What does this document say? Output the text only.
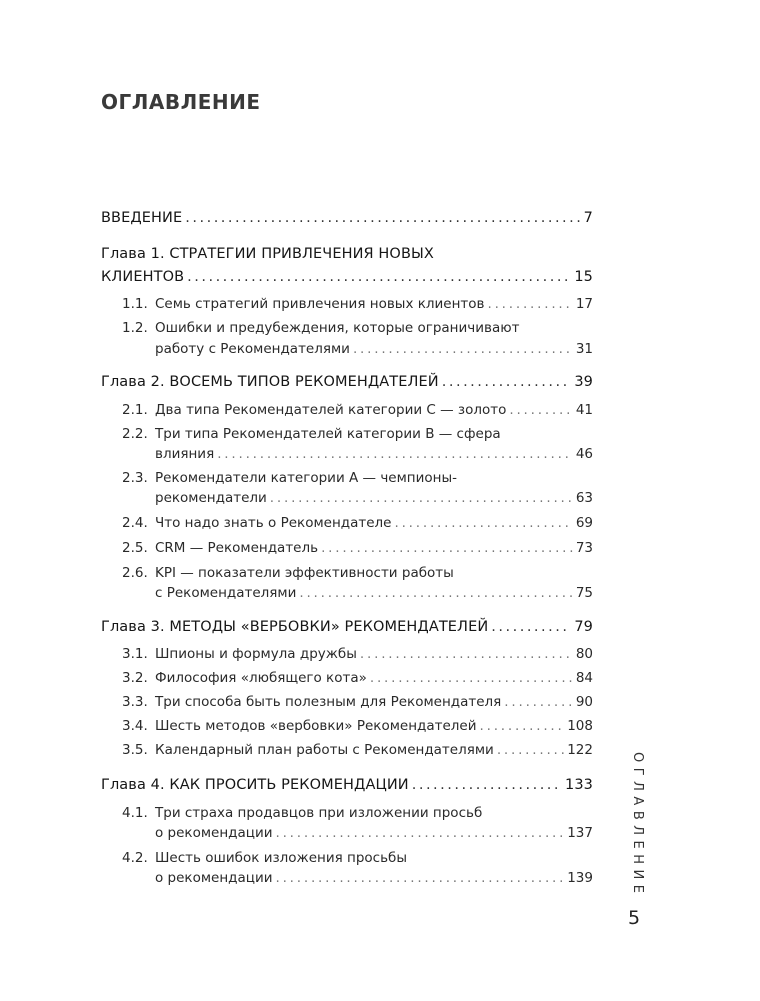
ОГЛАВЛЕНИЕ
ВВЕДЕНИЕ .....	7
Глава 1. СТРАТЕГИИ ПРИВЛЕЧЕНИЯ НОВЫХ
КЛИЕНТОВ .....	15
1.1. Семь стратегий привлечения новых клиентов .....	17
1.2. Ошибки и предубеждения, которые ограничивают
работу с Рекомендателями .....	31
Глава 2. ВОСЕМЬ ТИПОВ РЕКОМЕНДАТЕЛЕЙ .....	39
2.1. Два типа Рекомендателей категории С — золото .....	41
2.2. Три типа Рекомендателей категории В — сфера
влияния .....	46
2.3. Рекомендатели категории А — чемпионы-
рекомендатели .....	63
2.4. Что надо знать о Рекомендателе .....	69
2.5. CRM — Рекомендатель .....	73
2.6. KPI — показатели эффективности работы
с Рекомендателями .....	75
Глава 3. МЕТОДЫ «ВЕРБОВКИ» РЕКОМЕНДАТЕЛЕЙ .....	79
3.1. Шпионы и формула дружбы .....	80
3.2. Философия «любящего кота» .....	84
3.3. Три способа быть полезным для Рекомендателя .....	90
3.4. Шесть методов «вербовки» Рекомендателей .....	108
3.5. Календарный план работы с Рекомендателями .....	122
Глава 4. КАК ПРОСИТЬ РЕКОМЕНДАЦИИ .....	133
4.1. Три страха продавцов при изложении просьб
о рекомендации .....	137
4.2. Шесть ошибок изложения просьбы
о рекомендации .....	139	ОГЛАВЛЕНИЕ
5
